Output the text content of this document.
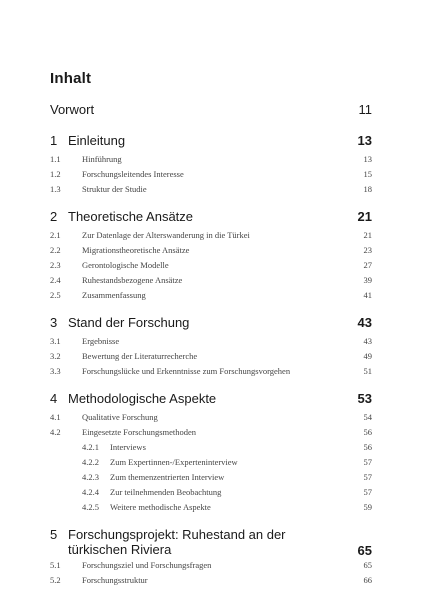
Inhalt
Vorwort	11
1 Einleitung	13
1.1	Hinführung	13
1.2	Forschungsleitendes Interesse	15
1.3	Struktur der Studie	18
2 Theoretische Ansätze	21
2.1	Zur Datenlage der Alterswanderung in die Türkei	21
2.2	Migrationstheoretische Ansätze	23
2.3	Gerontologische Modelle	27
2.4	Ruhestandsbezogene Ansätze	39
2.5	Zusammenfassung	41
3 Stand der Forschung	43
3.1	Ergebnisse	43
3.2	Bewertung der Literaturrecherche	49
3.3	Forschungslücke und Erkenntnisse zum Forschungsvorgehen	51
4 Methodologische Aspekte	53
4.1	Qualitative Forschung	54
4.2	Eingesetzte Forschungsmethoden	56
4.2.1 Interviews	56
4.2.2 Zum Expertinnen-/Experteninterview	57
4.2.3 Zum themenzentrierten Interview	57
4.2.4 Zur teilnehmenden Beobachtung	57
4.2.5 Weitere methodische Aspekte	59
5 Forschungsprojekt: Ruhestand an der türkischen Riviera	65
5.1	Forschungsziel und Forschungsfragen	65
5.2	Forschungsstruktur	66
